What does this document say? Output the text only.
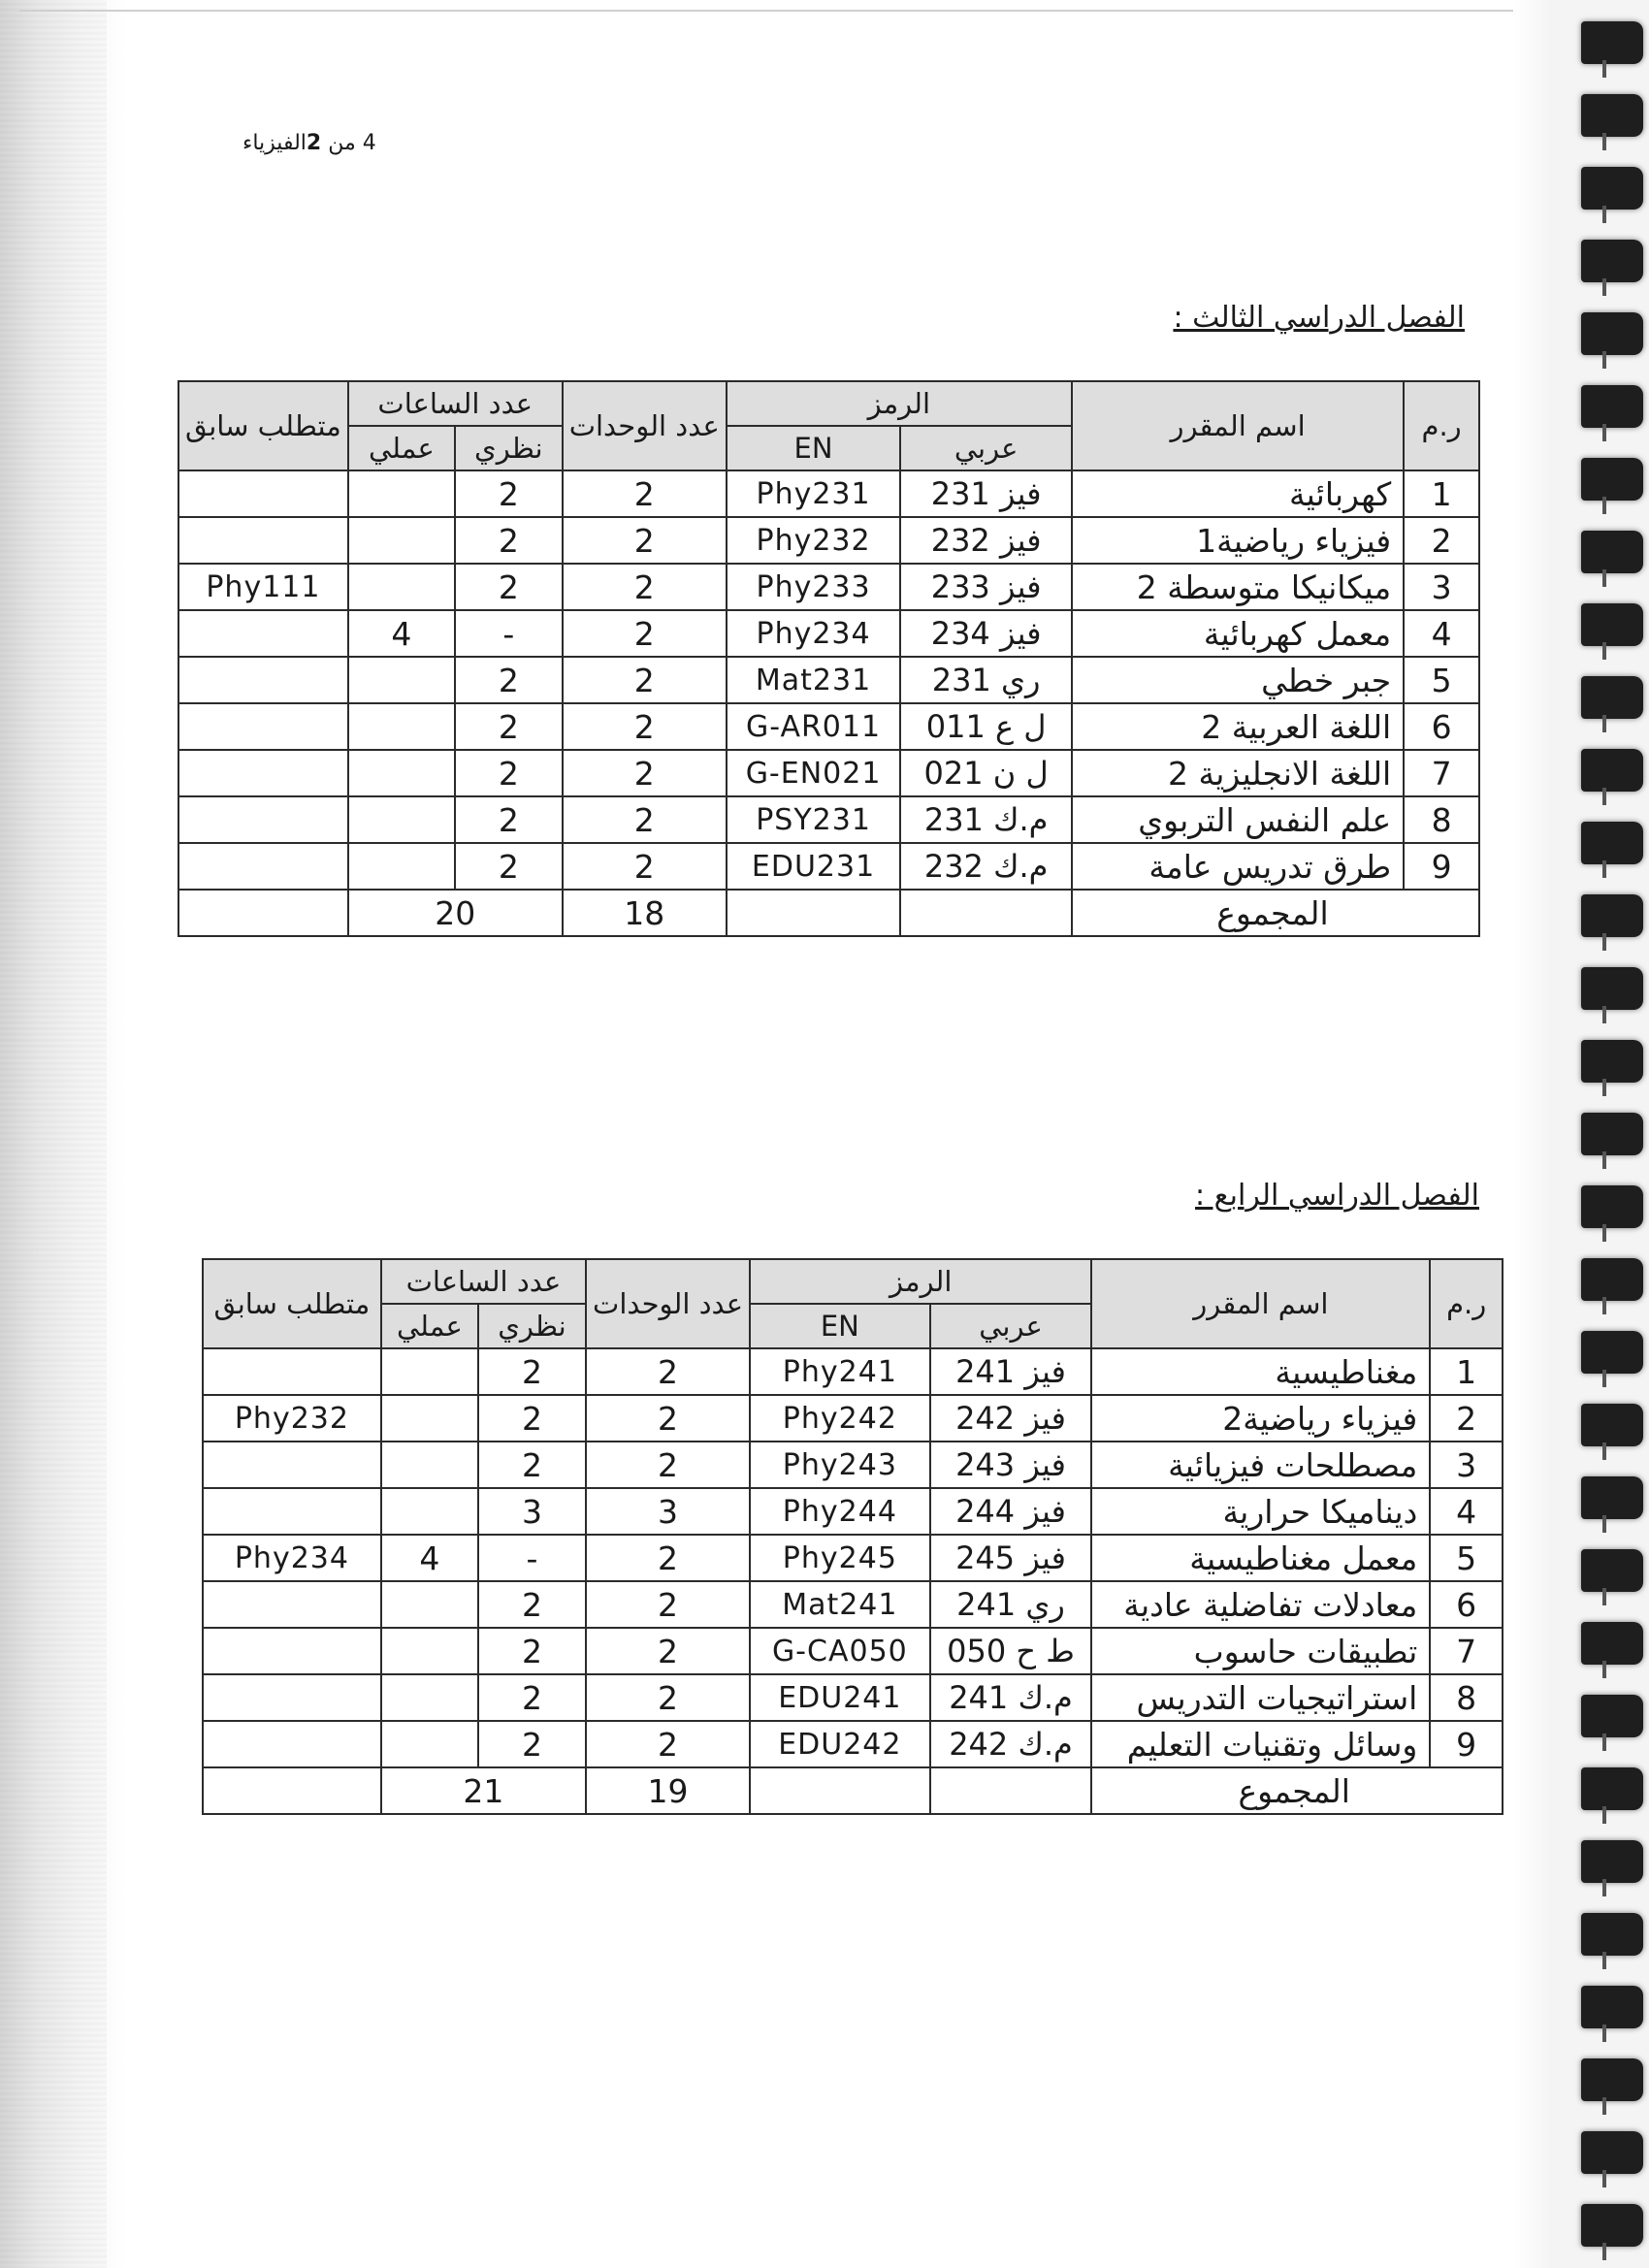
4 من 2الفيزياء
الفصل الدراسي الثالث :
ر.م	اسم المقرر	الرمز		عدد الوحدات	عدد الساعات		متطلب سابق
		عربي	EN		نظري	عملي	
1	كهربائية	فيز 231	Phy231	2	2		
2	فيزياء رياضية1	فيز 232	Phy232	2	2		
3	ميكانيكا متوسطة 2	فيز 233	Phy233	2	2		Phy111
4	معمل كهربائية	فيز 234	Phy234	2	-	4	
5	جبر خطي	ري 231	Mat231	2	2		
6	اللغة العربية 2	ل ع 011	G-AR011	2	2		
7	اللغة الانجليزية 2	ل ن 021	G-EN021	2	2		
8	علم النفس التربوي	م.ك 231	PSY231	2	2		
9	طرق تدريس عامة	م.ك 232	EDU231	2	2		
المجموع				18	20		
الفصل الدراسي الرابع :
ر.م	اسم المقرر	الرمز		عدد الوحدات	عدد الساعات		متطلب سابق
		عربي	EN		نظري	عملي	
1	مغناطيسية	فيز 241	Phy241	2	2		
2	فيزياء رياضية2	فيز 242	Phy242	2	2		Phy232
3	مصطلحات فيزيائية	فيز 243	Phy243	2	2		
4	ديناميكا حرارية	فيز 244	Phy244	3	3		
5	معمل مغناطيسية	فيز 245	Phy245	2	-	4	Phy234
6	معادلات تفاضلية عادية	ري 241	Mat241	2	2		
7	تطبيقات حاسوب	ط ح 050	G-CA050	2	2		
8	استراتيجيات التدريس	م.ك 241	EDU241	2	2		
9	وسائل وتقنيات التعليم	م.ك 242	EDU242	2	2		
المجموع				19	21		
